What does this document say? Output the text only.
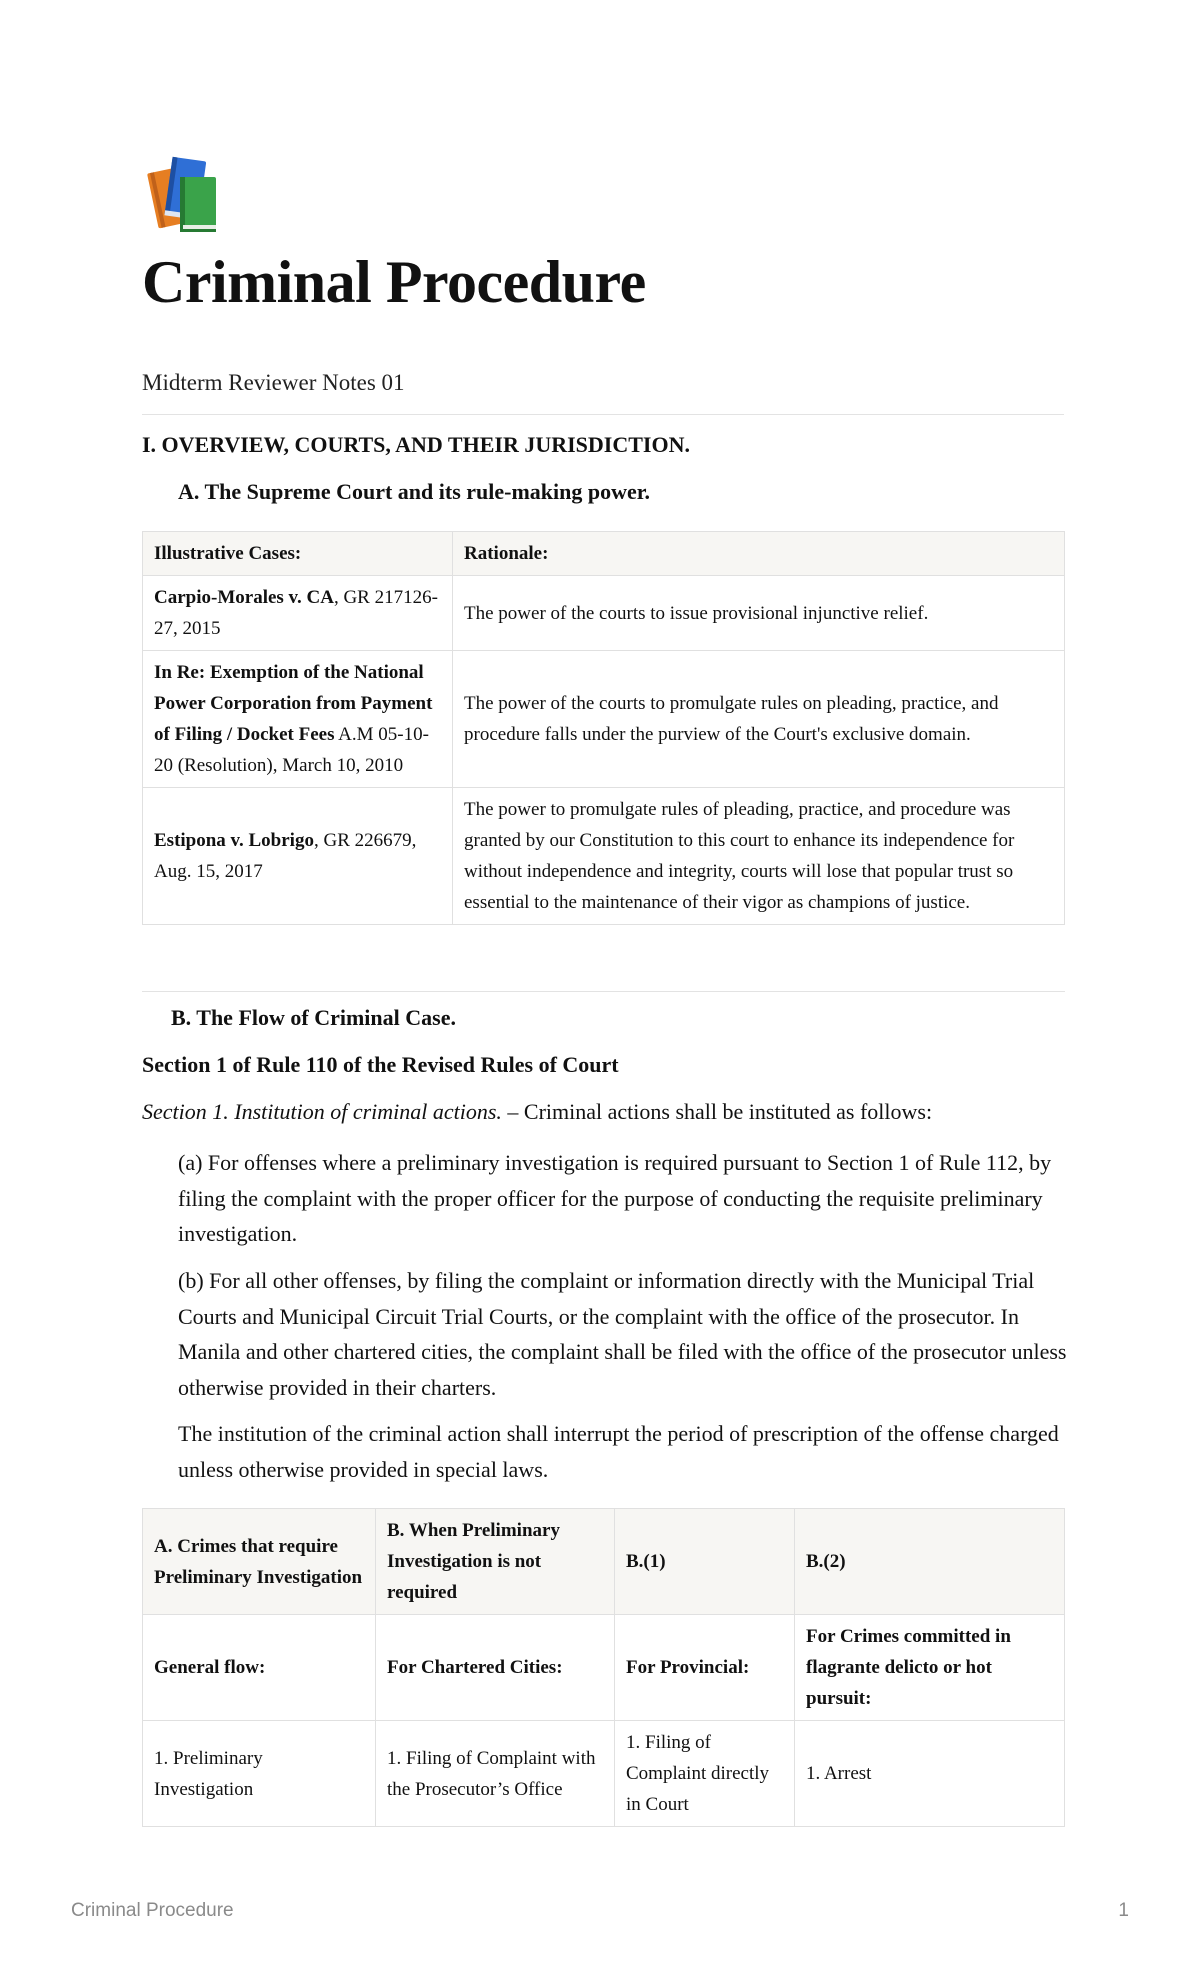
Criminal Procedure
Midterm Reviewer Notes 01
I. OVERVIEW, COURTS, AND THEIR JURISDICTION.
A. The Supreme Court and its rule-making power.
Illustrative Cases:	Rationale:
Carpio-Morales v. CA, GR 217126-27, 2015	The power of the courts to issue provisional injunctive relief.
In Re: Exemption of the National Power Corporation from Payment of Filing / Docket Fees A.M 05-10-20 (Resolution), March 10, 2010	The power of the courts to promulgate rules on pleading, practice, and procedure falls under the purview of the Court's exclusive domain.
Estipona v. Lobrigo, GR 226679, Aug. 15, 2017	The power to promulgate rules of pleading, practice, and procedure was granted by our Constitution to this court to enhance its independence for without independence and integrity, courts will lose that popular trust so essential to the maintenance of their vigor as champions of justice.
B. The Flow of Criminal Case.
Section 1 of Rule 110 of the Revised Rules of Court
Section 1. Institution of criminal actions. – Criminal actions shall be instituted as follows:

(a) For offenses where a preliminary investigation is required pursuant to Section 1 of Rule 112, by filing the complaint with the proper officer for the purpose of conducting the requisite preliminary investigation.

(b) For all other offenses, by filing the complaint or information directly with the Municipal Trial Courts and Municipal Circuit Trial Courts, or the complaint with the office of the prosecutor. In Manila and other chartered cities, the complaint shall be filed with the office of the prosecutor unless otherwise provided in their charters.

The institution of the criminal action shall interrupt the period of prescription of the offense charged unless otherwise provided in special laws.

A. Crimes that require Preliminary Investigation	B. When Preliminary Investigation is not required	B.(1)	B.(2)
General flow:	For Chartered Cities:	For Provincial:	For Crimes committed in flagrante delicto or hot pursuit:
1. Preliminary Investigation	1. Filing of Complaint with the Prosecutor’s Office	1. Filing of Complaint directly in Court	1. Arrest
Criminal Procedure	1
